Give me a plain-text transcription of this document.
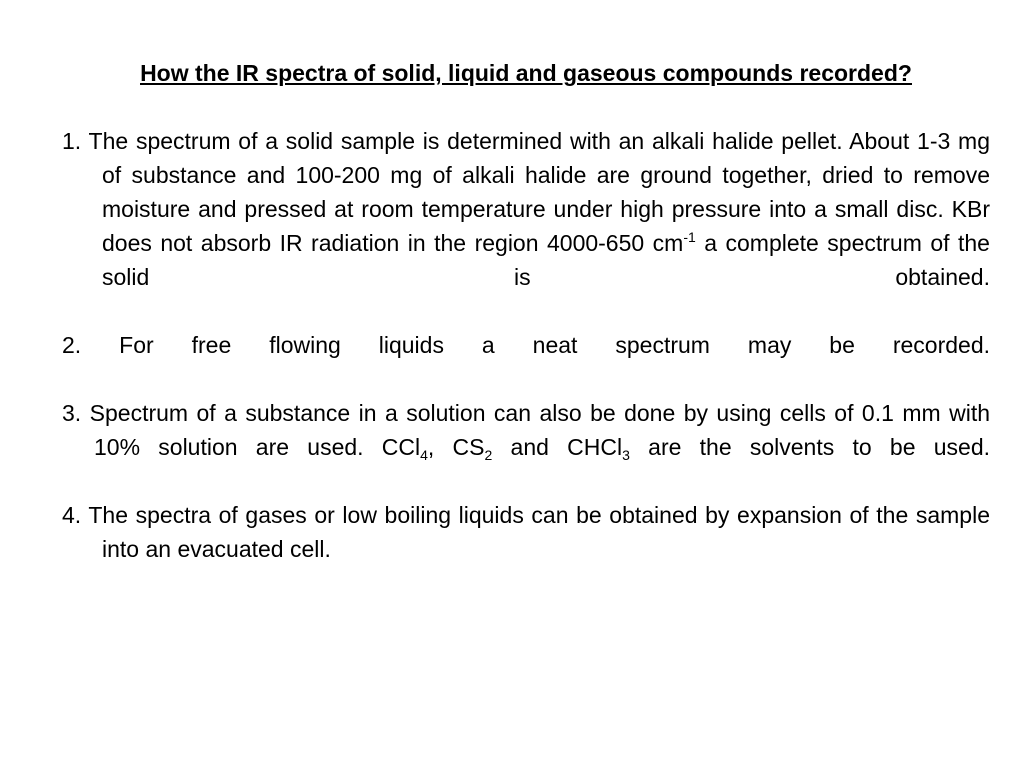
How the IR spectra of solid, liquid and gaseous compounds recorded?

1. The spectrum of a solid sample is determined with an alkali halide pellet. About 1-3 mg of substance and 100-200 mg of alkali halide are ground together, dried to remove moisture and pressed at room temperature under high pressure into a small disc. KBr does not absorb IR radiation in the region 4000-650 $cm^{-1}$ a complete spectrum of the solid is obtained.

2. For free flowing liquids a neat spectrum may be recorded.

3. Spectrum of a substance in a solution can also be done by using cells of 0.1 mm with 10% solution are used. CCl$_4$, $CS_2$ and CHCl$_3$ are the solvents to be used.

4. The spectra of gases or low boiling liquids can be obtained by expansion of the sample into an evacuated cell.
